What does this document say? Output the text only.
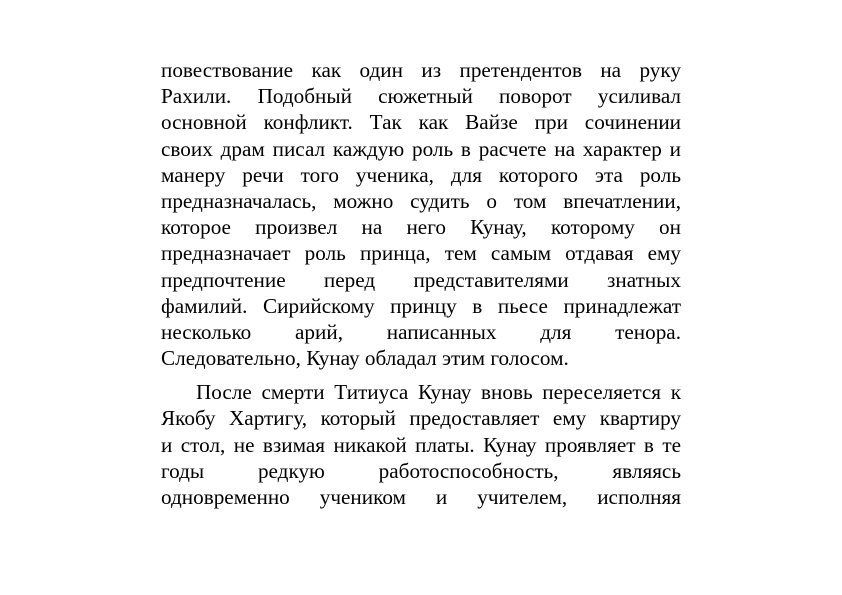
повествование как один из претендентов на руку
Рахили. Подобный сюжетный поворот усиливал
основной конфликт. Так как Вайзе при сочинении
своих драм писал каждую роль в расчете на характер и
манеру речи того ученика, для которого эта роль
предназначалась, можно судить о том впечатлении,
которое произвел на него Кунау, которому он
предназначает роль принца, тем самым отдавая ему
предпочтение перед представителями знатных
фамилий. Сирийскому принцу в пьесе принадлежат
несколько арий, написанных для тенора.
Следовательно, Кунау обладал этим голосом.
После смерти Титиуса Кунау вновь переселяется к
Якобу Хартигу, который предоставляет ему квартиру
и стол, не взимая никакой платы. Кунау проявляет в те
годы редкую работоспособность, являясь
одновременно учеником и учителем, исполняя
